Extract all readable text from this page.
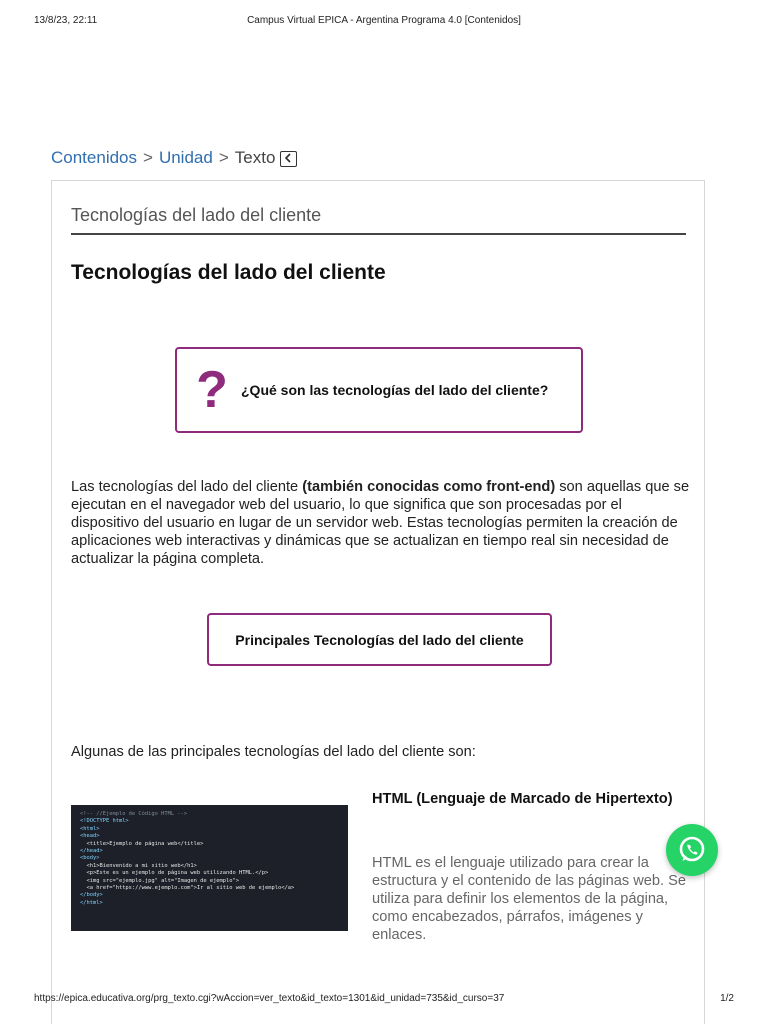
13/8/23, 22:11	Campus Virtual EPICA - Argentina Programa 4.0 [Contenidos]
Contenidos > Unidad > Texto
Tecnologías del lado del cliente
Tecnologías del lado del cliente
? ¿Qué son las tecnologías del lado del cliente?

Las tecnologías del lado del cliente (también conocidas como front-end) son aquellas que se ejecutan en el navegador web del usuario, lo que significa que son procesadas por el dispositivo del usuario en lugar de un servidor web. Estas tecnologías permiten la creación de aplicaciones web interactivas y dinámicas que se actualizan en tiempo real sin necesidad de actualizar la página completa.

Principales Tecnologías del lado del cliente

Algunas de las principales tecnologías del lado del cliente son:

<!-- //Ejemplo de Código HTML -->
<!DOCTYPE html>
<html>
<head>
<title>Ejemplo de página web</title>
</head>
<body>
<h1>Bienvenido a mi sitio web</h1>
<p>Este es un ejemplo de página web utilizando HTML.</p>
<img src="ejemplo.jpg" alt="Imagen de ejemplo">
<a href="https://www.ejemplo.com">Ir al sitio web de ejemplo</a>
</body>
</html>
HTML (Lenguaje de Marcado de Hipertexto)

HTML es el lenguaje utilizado para crear la estructura y el contenido de las páginas web. Se utiliza para definir los elementos de la página, como encabezados, párrafos, imágenes y enlaces.

https://epica.educativa.org/prg_texto.cgi?wAccion=ver_texto&id_texto=1301&id_unidad=735&id_curso=37	1/2
